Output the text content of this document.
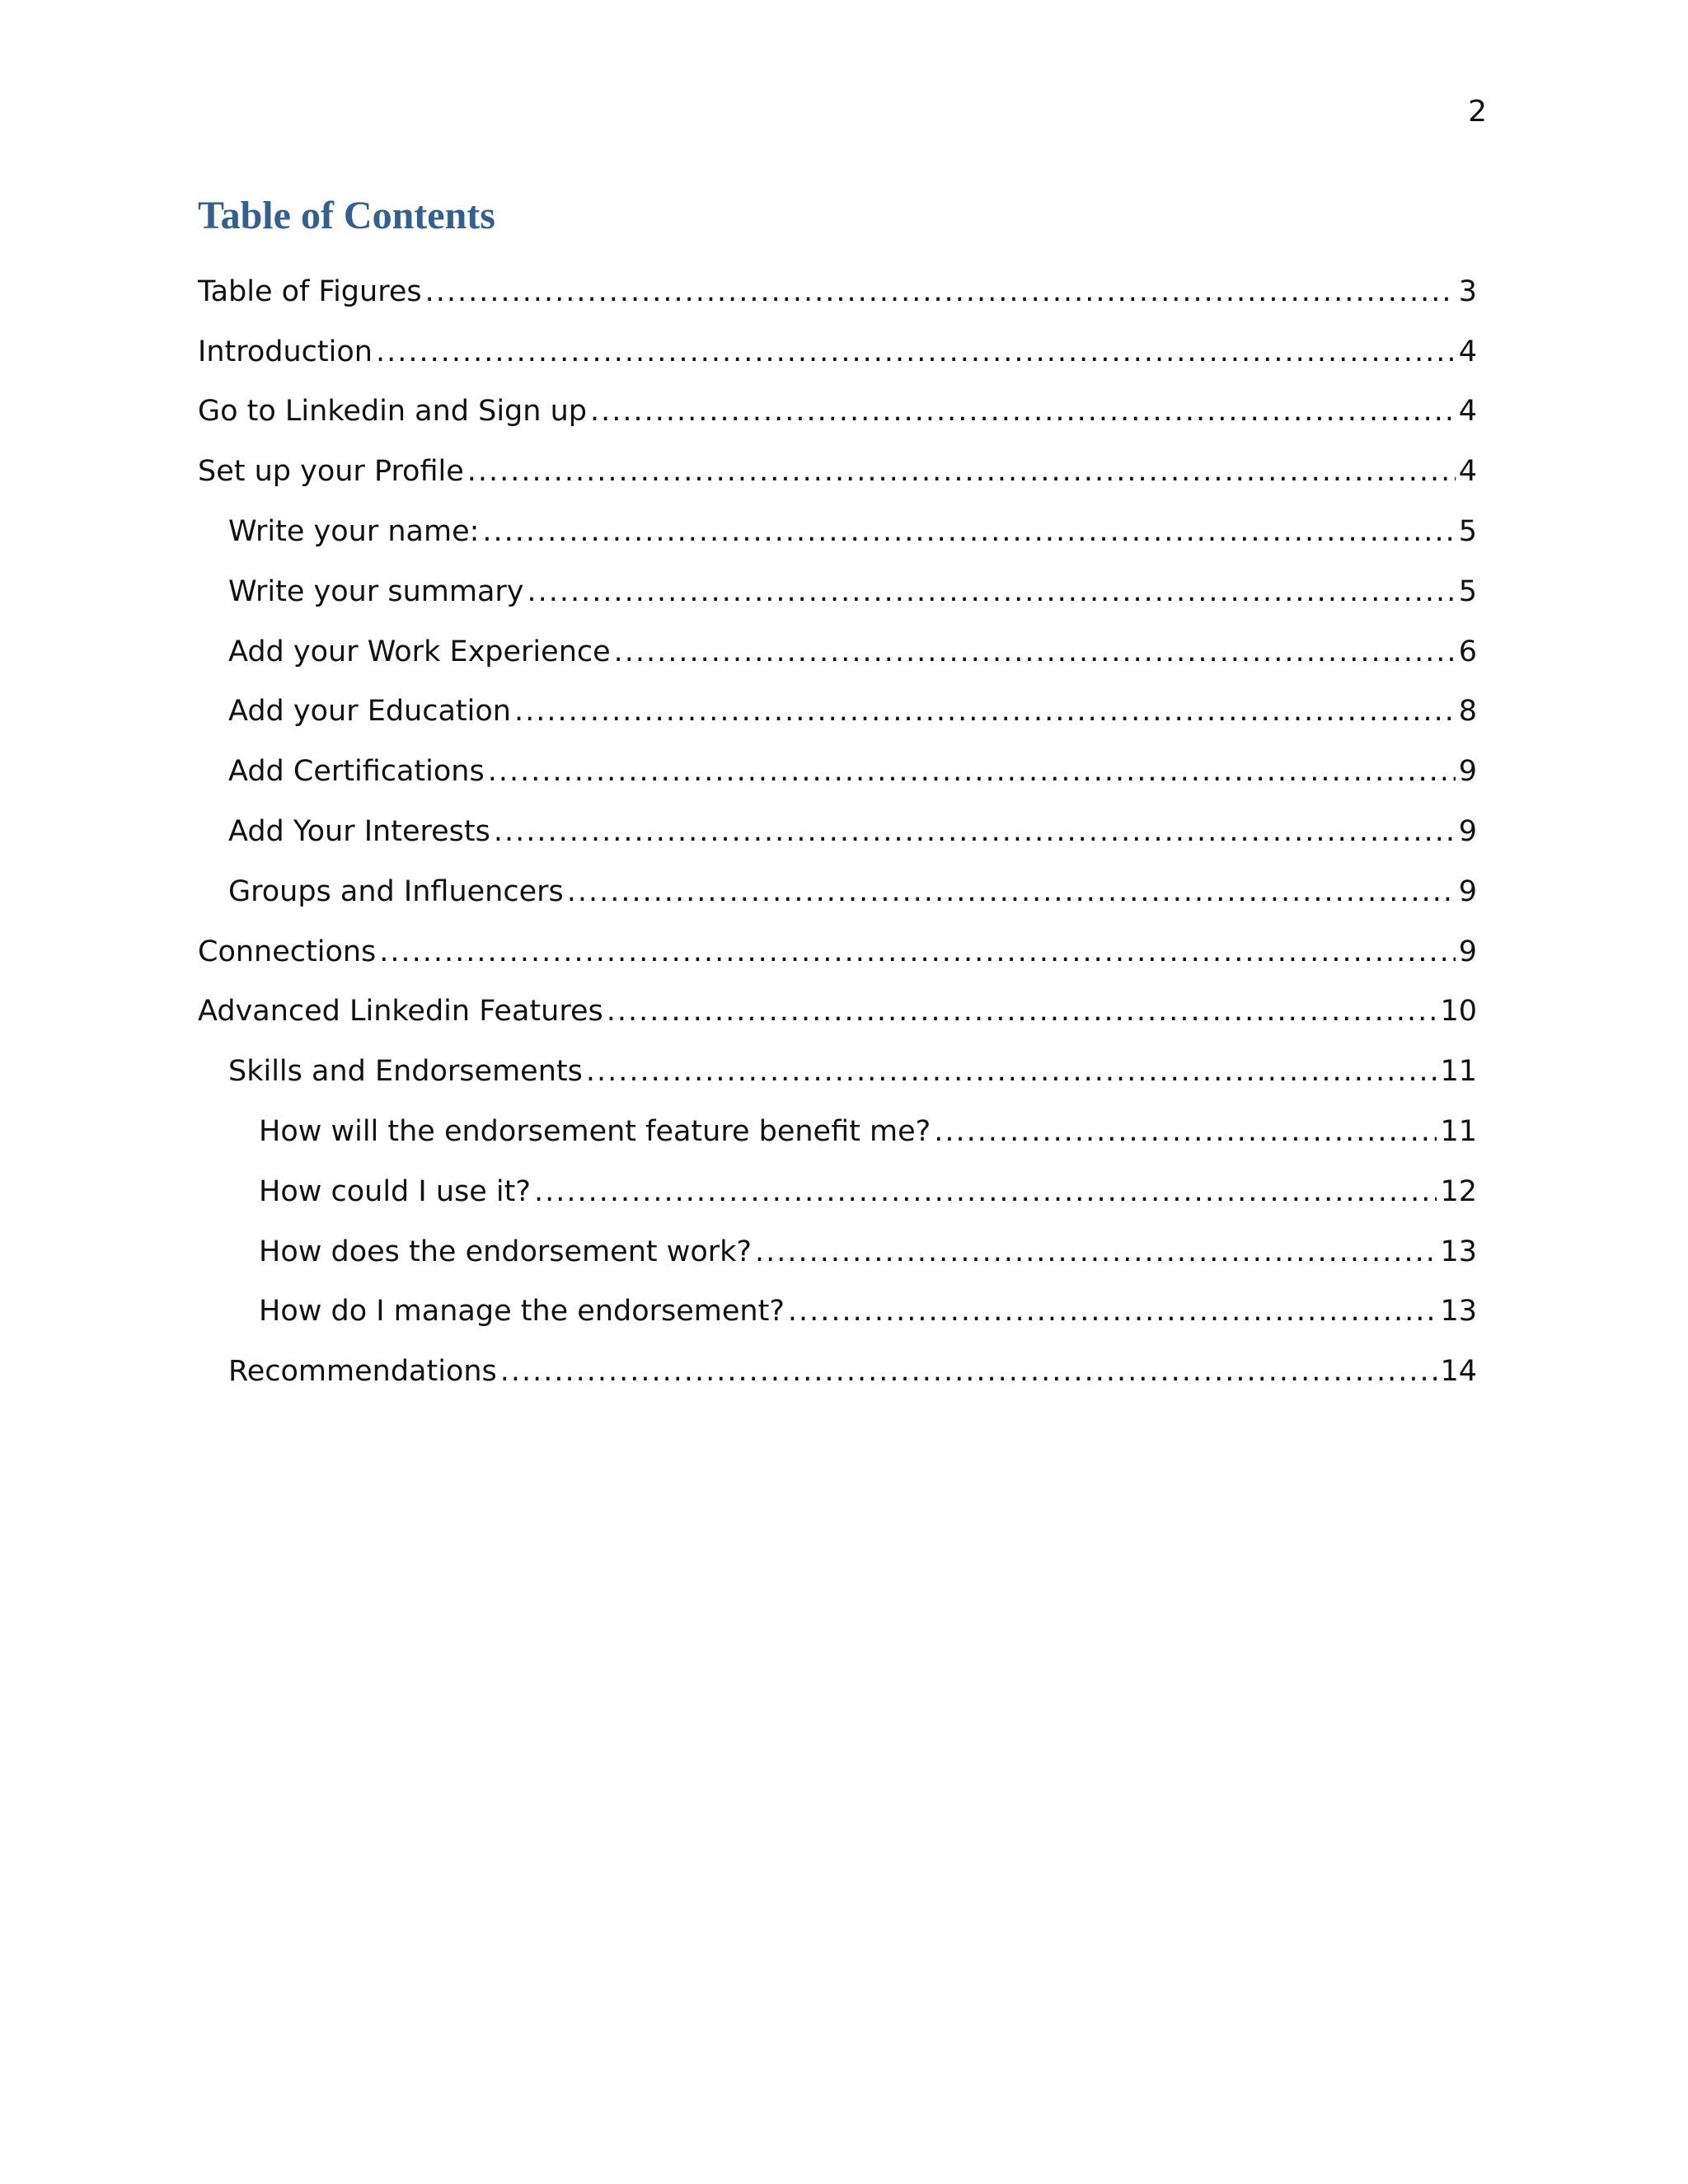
2
Table of Contents
Table of Figures .....	3
Introduction .....	4
Go to Linkedin and Sign up .....	4
Set up your Profile .....	4
Write your name: .....	5
Write your summary .....	5
Add your Work Experience .....	6
Add your Education .....	8
Add Certifications .....	9
Add Your Interests .....	9
Groups and Influencers .....	9
Connections .....	9
Advanced Linkedin Features .....	10
Skills and Endorsements .....	11
How will the endorsement feature benefit me? .....	11
How could I use it? .....	12
How does the endorsement work? .....	13
How do I manage the endorsement? .....	13
Recommendations .....	14
